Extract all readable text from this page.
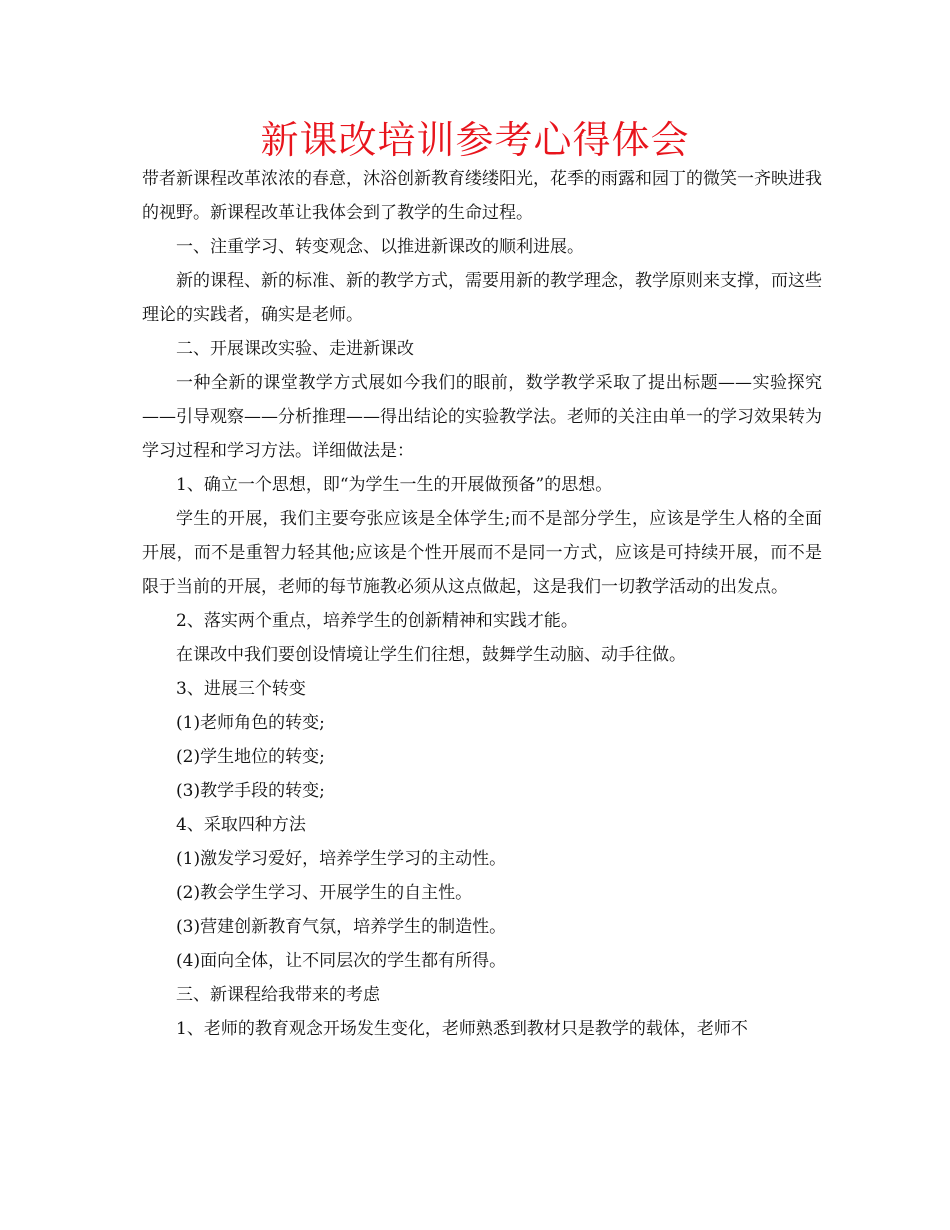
新课改培训参考心得体会

带者新课程改革浓浓的春意，沐浴创新教育缕缕阳光，花季的雨露和园丁的微笑一齐映进我的视野。新课程改革让我体会到了教学的生命过程。

一、注重学习、转变观念、以推进新课改的顺利进展。

新的课程、新的标准、新的教学方式，需要用新的教学理念，教学原则来支撑，而这些理论的实践者，确实是老师。

二、开展课改实验、走进新课改

一种全新的课堂教学方式展如今我们的眼前，数学教学采取了提出标题——实验探究——引导观察——分析推理——得出结论的实验教学法。老师的关注由单一的学习效果转为学习过程和学习方法。详细做法是：

1、确立一个思想，即“为学生一生的开展做预备”的思想。

学生的开展，我们主要夸张应该是全体学生;而不是部分学生，应该是学生人格的全面开展，而不是重智力轻其他;应该是个性开展而不是同一方式，应该是可持续开展，而不是限于当前的开展，老师的每节施教必须从这点做起，这是我们一切教学活动的出发点。

2、落实两个重点，培养学生的创新精神和实践才能。

在课改中我们要创设情境让学生们往想，鼓舞学生动脑、动手往做。

3、进展三个转变

(1)老师角色的转变;

(2)学生地位的转变;

(3)教学手段的转变;

4、采取四种方法

(1)激发学习爱好，培养学生学习的主动性。

(2)教会学生学习、开展学生的自主性。

(3)营建创新教育气氛，培养学生的制造性。

(4)面向全体，让不同层次的学生都有所得。

三、新课程给我带来的考虑

1、老师的教育观念开场发生变化，老师熟悉到教材只是教学的载体，老师不
